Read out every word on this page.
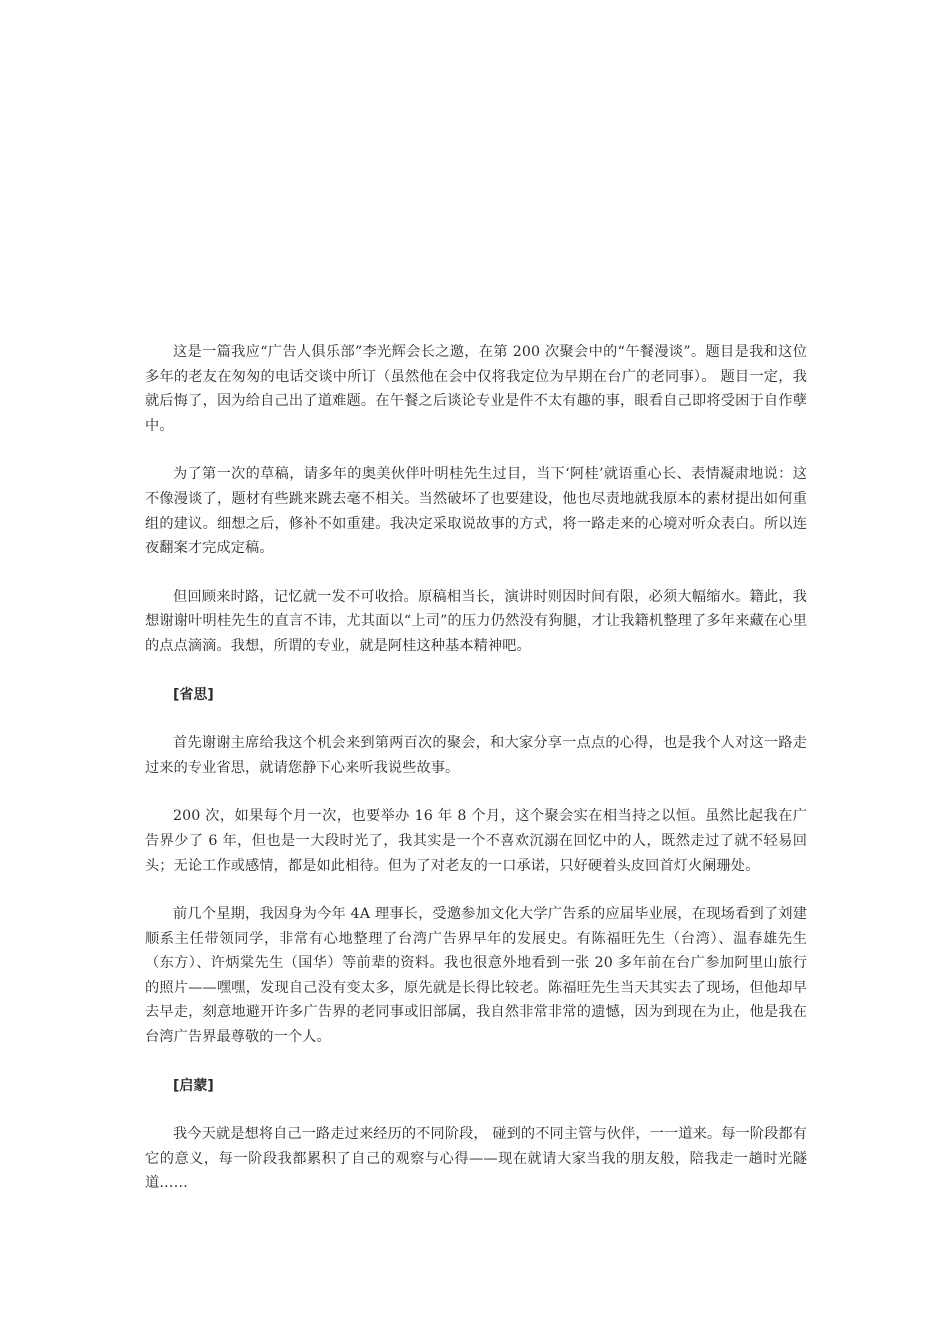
这是一篇我应“广告人俱乐部”李光辉会长之邀，在第 200 次聚会中的“午餐漫谈”。题目是我和这位多年的老友在匆匆的电话交谈中所订（虽然他在会中仅将我定位为早期在台广的老同事）。 题目一定，我就后悔了，因为给自己出了道难题。在午餐之后谈论专业是件不太有趣的事，眼看自己即将受困于自作孽中。

为了第一次的草稿，请多年的奥美伙伴叶明桂先生过目，当下‘阿桂’就语重心长、表情凝肃地说：这不像漫谈了，题材有些跳来跳去毫不相关。当然破坏了也要建设，他也尽责地就我原本的素材提出如何重组的建议。细想之后，修补不如重建。我决定采取说故事的方式，将一路走来的心境对听众表白。所以连夜翻案才完成定稿。

但回顾来时路，记忆就一发不可收拾。原稿相当长，演讲时则因时间有限，必须大幅缩水。籍此，我想谢谢叶明桂先生的直言不讳，尤其面以“上司”的压力仍然没有狗腿，才让我籍机整理了多年来藏在心里的点点滴滴。我想，所谓的专业，就是阿桂这种基本精神吧。

[省思]

首先谢谢主席给我这个机会来到第两百次的聚会，和大家分享一点点的心得，也是我个人对这一路走过来的专业省思，就请您静下心来听我说些故事。

200 次，如果每个月一次，也要举办 16 年 8 个月，这个聚会实在相当持之以恒。虽然比起我在广告界少了 6 年，但也是一大段时光了，我其实是一个不喜欢沉溺在回忆中的人，既然走过了就不轻易回头；无论工作或感情，都是如此相待。但为了对老友的一口承诺，只好硬着头皮回首灯火阑珊处。

前几个星期，我因身为今年 4A 理事长，受邀参加文化大学广告系的应届毕业展，在现场看到了刘建顺系主任带领同学，非常有心地整理了台湾广告界早年的发展史。有陈福旺先生（台湾）、温春雄先生（东方）、许炳棠先生（国华）等前辈的资料。我也很意外地看到一张 20 多年前在台广参加阿里山旅行的照片——嘿嘿，发现自己没有变太多，原先就是长得比较老。陈福旺先生当天其实去了现场，但他却早去早走，刻意地避开许多广告界的老同事或旧部属，我自然非常非常的遗憾，因为到现在为止，他是我在台湾广告界最尊敬的一个人。

[启蒙]

我今天就是想将自己一路走过来经历的不同阶段， 碰到的不同主管与伙伴，一一道来。每一阶段都有它的意义，每一阶段我都累积了自己的观察与心得——现在就请大家当我的朋友般，陪我走一趟时光隧道……
